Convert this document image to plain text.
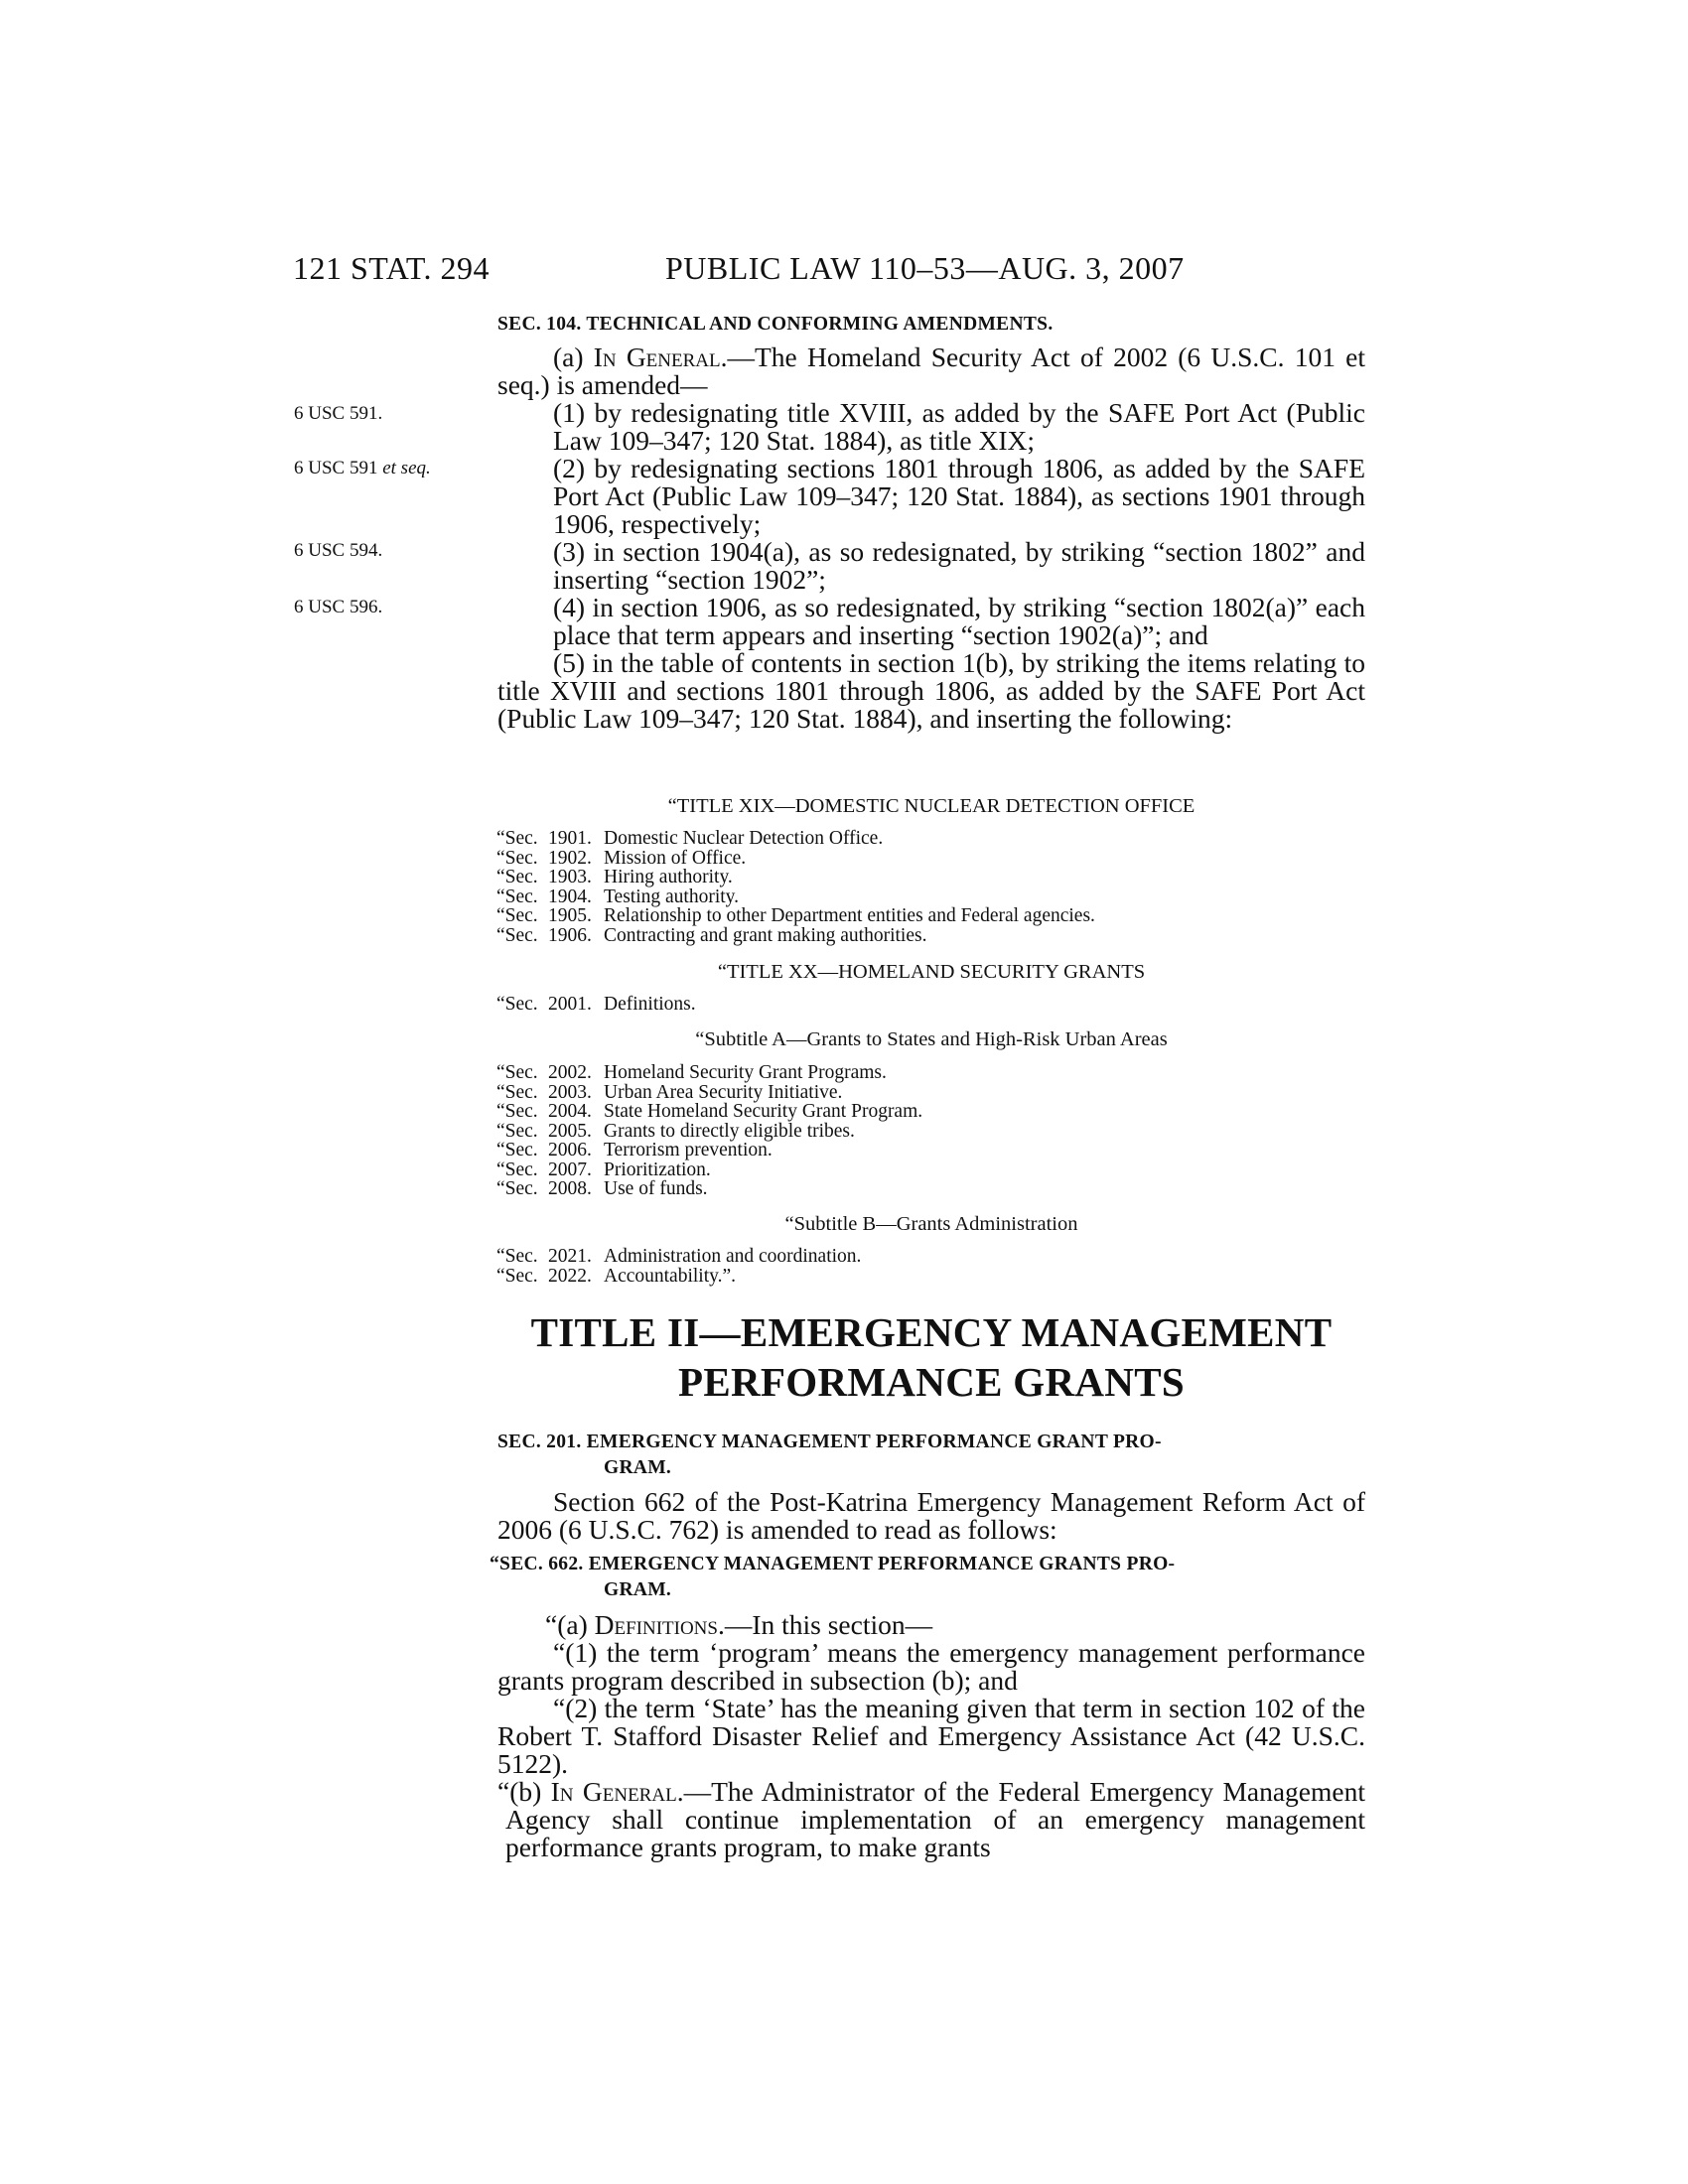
121 STAT. 294	PUBLIC LAW 110–53—AUG. 3, 2007
SEC. 104. TECHNICAL AND CONFORMING AMENDMENTS.

(a) In General.—The Homeland Security Act of 2002 (6 U.S.C. 101 et seq.) is amended—

(1) by redesignating title XVIII, as added by the SAFE Port Act (Public Law 109–347; 120 Stat. 1884), as title XIX;

(2) by redesignating sections 1801 through 1806, as added by the SAFE Port Act (Public Law 109–347; 120 Stat. 1884), as sections 1901 through 1906, respectively;

(3) in section 1904(a), as so redesignated, by striking “section 1802” and inserting “section 1902”;

(4) in section 1906, as so redesignated, by striking “section 1802(a)” each place that term appears and inserting “section 1902(a)”; and

(5) in the table of contents in section 1(b), by striking the items relating to title XVIII and sections 1801 through 1806, as added by the SAFE Port Act (Public Law 109–347; 120 Stat. 1884), and inserting the following:

6 USC 591.
6 USC 591 et seq.
6 USC 594.
6 USC 596.
“TITLE XIX—DOMESTIC NUCLEAR DETECTION OFFICE
“Sec. 1901. Domestic Nuclear Detection Office.
“Sec. 1902. Mission of Office.
“Sec. 1903. Hiring authority.
“Sec. 1904. Testing authority.
“Sec. 1905. Relationship to other Department entities and Federal agencies.
“Sec. 1906. Contracting and grant making authorities.
“TITLE XX—HOMELAND SECURITY GRANTS
“Sec. 2001. Definitions.
“Subtitle A—Grants to States and High-Risk Urban Areas
“Sec. 2002. Homeland Security Grant Programs.
“Sec. 2003. Urban Area Security Initiative.
“Sec. 2004. State Homeland Security Grant Program.
“Sec. 2005. Grants to directly eligible tribes.
“Sec. 2006. Terrorism prevention.
“Sec. 2007. Prioritization.
“Sec. 2008. Use of funds.
“Subtitle B—Grants Administration
“Sec. 2021. Administration and coordination.
“Sec. 2022. Accountability.”.
TITLE II—EMERGENCY MANAGEMENT
PERFORMANCE GRANTS
SEC. 201. EMERGENCY MANAGEMENT PERFORMANCE GRANT PRO-
GRAM.

Section 662 of the Post-Katrina Emergency Management Reform Act of 2006 (6 U.S.C. 762) is amended to read as follows:

“SEC. 662. EMERGENCY MANAGEMENT PERFORMANCE GRANTS PRO-
GRAM.

“(a) Definitions.—In this section—

“(1) the term ‘program’ means the emergency management performance grants program described in subsection (b); and

“(2) the term ‘State’ has the meaning given that term in section 102 of the Robert T. Stafford Disaster Relief and Emergency Assistance Act (42 U.S.C. 5122).

“(b) In General.—The Administrator of the Federal Emergency Management Agency shall continue implementation of an emergency management performance grants program, to make grants
